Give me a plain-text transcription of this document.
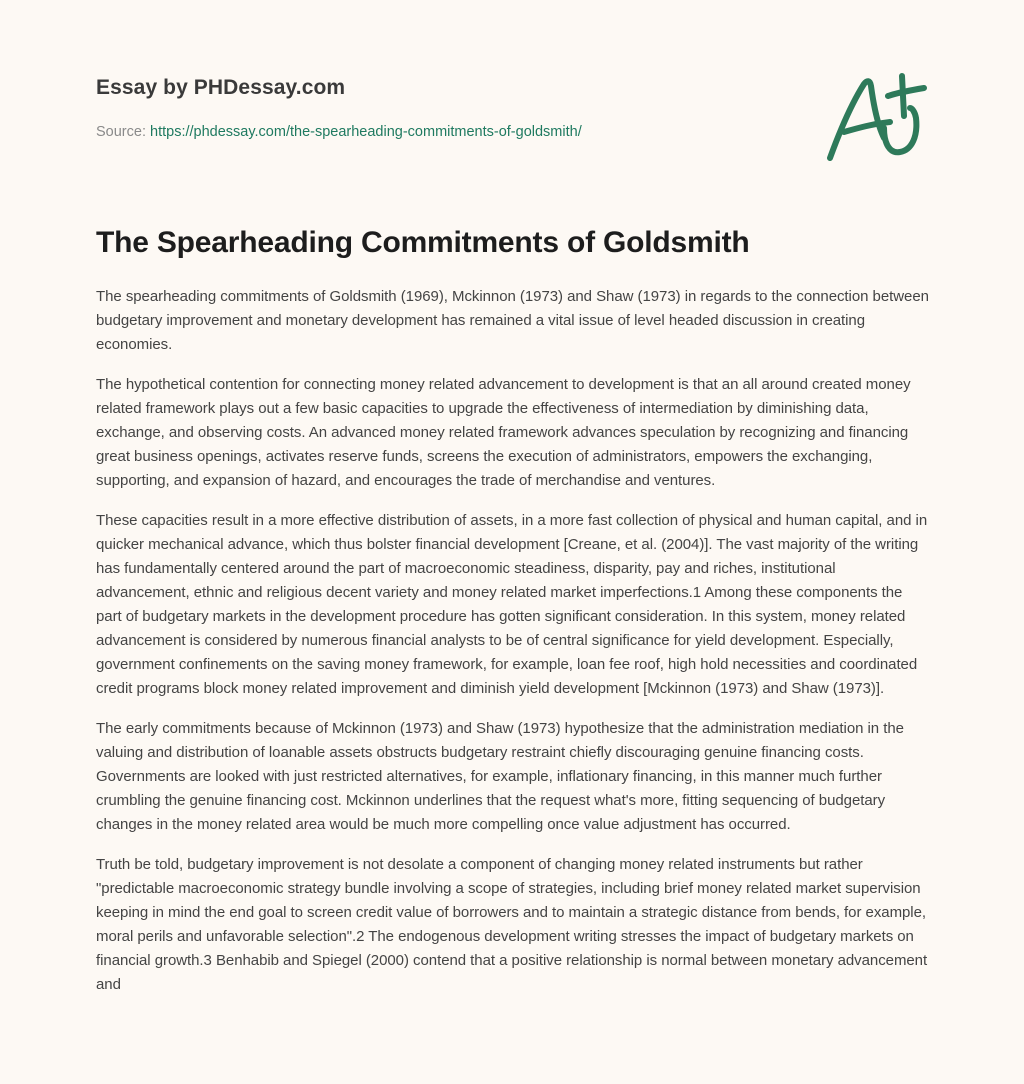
Essay by PHDessay.com
Source: https://phdessay.com/the-spearheading-commitments-of-goldsmith/
The Spearheading Commitments of Goldsmith

The spearheading commitments of Goldsmith (1969), Mckinnon (1973) and Shaw (1973) in regards to the connection between budgetary improvement and monetary development has remained a vital issue of level headed discussion in creating economies.

The hypothetical contention for connecting money related advancement to development is that an all around created money related framework plays out a few basic capacities to upgrade the effectiveness of intermediation by diminishing data, exchange, and observing costs. An advanced money related framework advances speculation by recognizing and financing great business openings, activates reserve funds, screens the execution of administrators, empowers the exchanging, supporting, and expansion of hazard, and encourages the trade of merchandise and ventures.

These capacities result in a more effective distribution of assets, in a more fast collection of physical and human capital, and in quicker mechanical advance, which thus bolster financial development [Creane, et al. (2004)]. The vast majority of the writing has fundamentally centered around the part of macroeconomic steadiness, disparity, pay and riches, institutional advancement, ethnic and religious decent variety and money related market imperfections.1 Among these components the part of budgetary markets in the development procedure has gotten significant consideration. In this system, money related advancement is considered by numerous financial analysts to be of central significance for yield development. Especially, government confinements on the saving money framework, for example, loan fee roof, high hold necessities and coordinated credit programs block money related improvement and diminish yield development [Mckinnon (1973) and Shaw (1973)].

The early commitments because of Mckinnon (1973) and Shaw (1973) hypothesize that the administration mediation in the valuing and distribution of loanable assets obstructs budgetary restraint chiefly discouraging genuine financing costs. Governments are looked with just restricted alternatives, for example, inflationary financing, in this manner much further crumbling the genuine financing cost. Mckinnon underlines that the request what's more, fitting sequencing of budgetary changes in the money related area would be much more compelling once value adjustment has occurred.

Truth be told, budgetary improvement is not desolate a component of changing money related instruments but rather "predictable macroeconomic strategy bundle involving a scope of strategies, including brief money related market supervision keeping in mind the end goal to screen credit value of borrowers and to maintain a strategic distance from bends, for example, moral perils and unfavorable selection".2 The endogenous development writing stresses the impact of budgetary markets on financial growth.3 Benhabib and Spiegel (2000) contend that a positive relationship is normal between monetary advancement and
